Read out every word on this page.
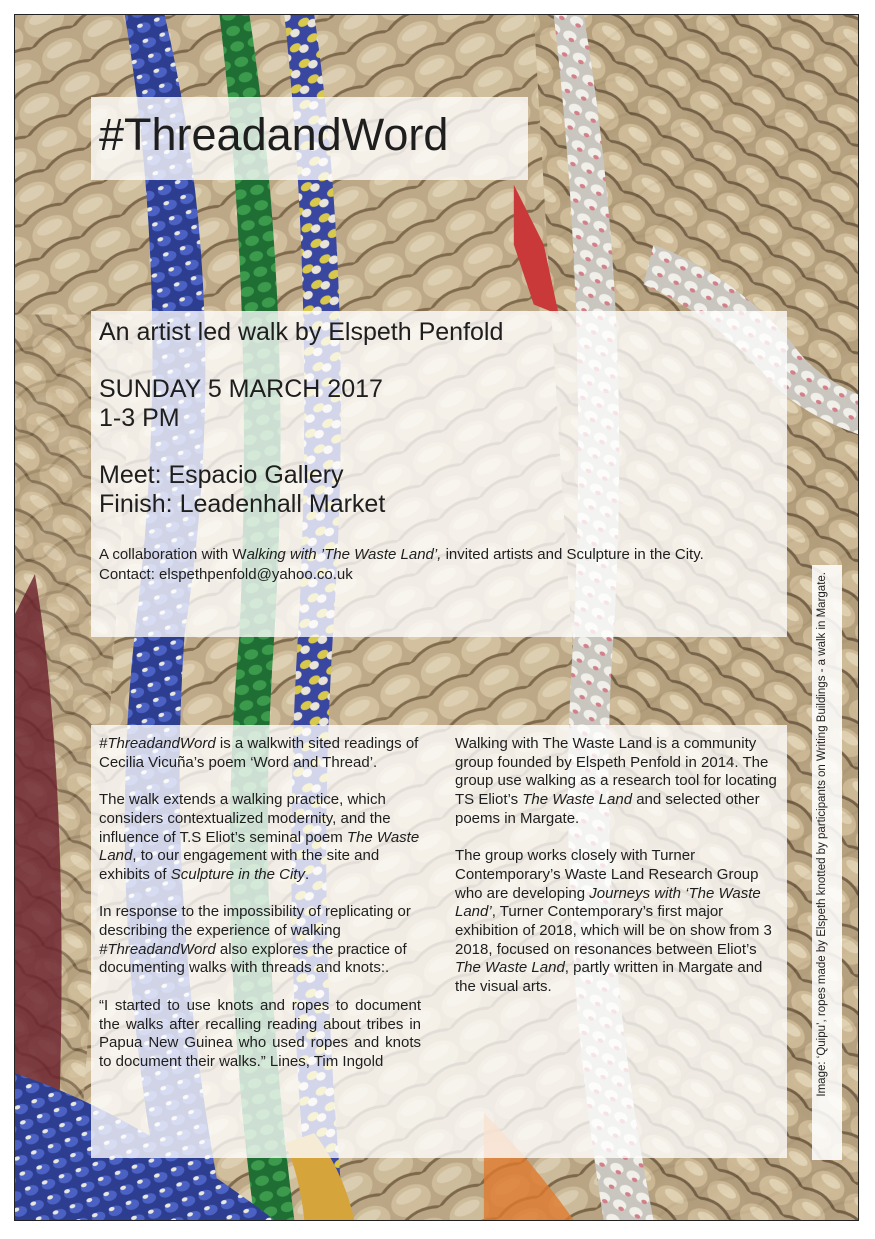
#ThreadandWord

An artist led walk by Elspeth Penfold

SUNDAY 5 MARCH 2017

1-3 PM

Meet: Espacio Gallery

Finish: Leadenhall Market

A collaboration with Walking with ’The Waste Land’, invited artists and Sculpture in the City.
Contact: elspethpenfold@yahoo.co.uk

#ThreadandWord is a walkwith sited readings of Cecilia Vicuña’s poem ‘Word and Thread’.

The walk extends a walking practice, which considers contextualized modernity, and the influence of T.S Eliot’s seminal poem The Waste Land, to our engagement with the site and exhibits of Sculpture in the City.

In response to the impossibility of replicating or describing the experience of walking #ThreadandWord also explores the practice of documenting walks with threads and knots:.

“I started to use knots and ropes to document the walks after recalling reading about tribes in Papua New Guinea who used ropes and knots to document their walks.” Lines, Tim Ingold

Walking with The Waste Land is a community group founded by Elspeth Penfold in 2014. The group use walking as a research tool for locating TS Eliot’s The Waste Land and selected other poems in Margate.

The group works closely with Turner Contemporary’s Waste Land Research Group who are developing Journeys with ‘The Waste Land’, Turner Contemporary’s first major exhibition of 2018, which will be on show from 3
2018, focused on resonances between Eliot’s The Waste Land, partly written in Margate and the visual arts.	Image: ‘Quipu’, ropes made by Elspeth knotted by participants on Writing Buildings - a walk in Margate.
